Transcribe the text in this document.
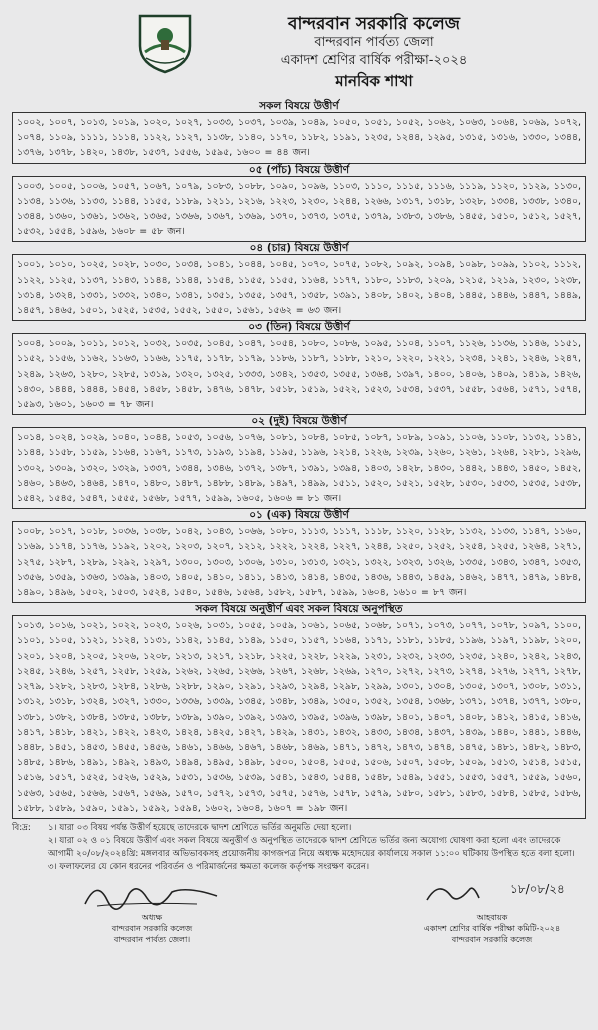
বান্দরবান সরকারি কলেজ
বান্দরবান পার্বত্য জেলা
একাদশ শ্রেণির বার্ষিক পরীক্ষা-২০২৪
মানবিক শাখা
সকল বিষয়ে উত্তীর্ণ
১০০২, ১০০৭, ১০১৩, ১০১৯, ১০২০, ১০২৭, ১০৩৩, ১০৩৭, ১০৩৯, ১০৪৯, ১০৫০, ১০৫১, ১০৫২, ১০৬২, ১০৬৩, ১০৬৪, ১০৬৯, ১০৭২, ১০৭৪, ১১০৯, ১১১১, ১১১৪, ১১২২, ১১২৭, ১১৩৮, ১১৪০, ১১৭০, ১১৮২, ১১৯১, ১২৩৫, ১২৪৪, ১২৯৫, ১৩১৫, ১৩১৬, ১৩৩০, ১৩৪৪, ১৩৭৬, ১৩৭৮, ১৪২০, ১৪৩৮, ১৫৩৭, ১৫৫৬, ১৫৯৫, ১৬০০ = ৪৪ জন।
০৫ (পাঁচ) বিষয়ে উত্তীর্ণ
১০০৩, ১০০৫, ১০০৬, ১০৫৭, ১০৬৭, ১০৭৯, ১০৮৩, ১০৮৮, ১০৯০, ১০৯৬, ১১০৩, ১১১০, ১১১৫, ১১১৬, ১১১৯, ১১২০, ১১২৯, ১১৩০, ১১৩৪, ১১৩৬, ১১৩৩, ১১৪৪, ১১৫৫, ১১৮৯, ১২১১, ১২১৬, ১২২৩, ১২৩০, ১২৪৪, ১২৬৬, ১৩১৭, ১৩১৮, ১৩২৮, ১৩৩৪, ১৩৩৮, ১৩৪০, ১৩৪৪, ১৩৬০, ১৩৬১, ১৩৬২, ১৩৬৫, ১৩৬৬, ১৩৬৭, ১৩৬৯, ১৩৭০, ১৩৭৩, ১৩৭৫, ১৩৭৯, ১৩৮৩, ১৩৮৬, ১৪৫৫, ১৫১০, ১৫১২, ১৫২৭, ১৫৩২, ১৫৫৪, ১৫৯৬, ১৬০৮ = ৫৮ জন।
০৪ (চার) বিষয়ে উত্তীর্ণ
১০০১, ১০১০, ১০২৫, ১০২৮, ১০৩০, ১০৩৪, ১০৪১, ১০৪৪, ১০৪৫, ১০৭০, ১০৭৫, ১০৮২, ১০৯২, ১০৯৪, ১০৯৮, ১০৯৯, ১১০২, ১১১২, ১১২২, ১১২৫, ১১৩৭, ১১৪৩, ১১৪৪, ১১৪৪, ১১৫৪, ১১৫৫, ১১৫৫, ১১৬৪, ১১৭৭, ১১৮০, ১১৮৩, ১২০৯, ১২১৫, ১২১৯, ১২৩০, ১২৩৮, ১৩১৪, ১৩২৪, ১৩৩১, ১৩৩২, ১৩৪০, ১৩৪১, ১৩৫১, ১৩৫৫, ১৩৫৭, ১৩৫৮, ১৩৯১, ১৪০৮, ১৪০২, ১৪০৪, ১৪৪৫, ১৪৪৬, ১৪৪৭, ১৪৪৯, ১৪৫৭, ১৪৬৫, ১৫০১, ১৫২৫, ১৫৩৫, ১৫৫২, ১৫৫০, ১৫৬১, ১৫৬২ = ৬৩ জন।
০৩ (তিন) বিষয়ে উত্তীর্ণ
১০০৪, ১০০৯, ১০১১, ১০১২, ১০৩২, ১০৩৫, ১০৪৫, ১০৪৭, ১০৫৪, ১০৮০, ১০৮৬, ১০৯৫, ১১০৪, ১১০৭, ১১২৬, ১১৩৬, ১১৪৬, ১১৫১, ১১৫২, ১১৫৬, ১১৬২, ১১৬৩, ১১৬৬, ১১৭৫, ১১৭৮, ১১৭৯, ১১৮৬, ১১৮৭, ১১৮৮, ১২১০, ১২২০, ১২২১, ১২৩৪, ১২৪১, ১২৪৬, ১২৪৭, ১২৪৯, ১২৬৩, ১২৮০, ১২৮৫, ১৩১৯, ১৩২০, ১৩২৫, ১৩৩৩, ১৩৪২, ১৩৫৩, ১৩৫৫, ১৩৬৪, ১৩৯৭, ১৪০০, ১৪০৬, ১৪০৯, ১৪১৯, ১৪২৬, ১৪৩০, ১৪৪৪, ১৪৪৪, ১৪৫৪, ১৪৫৮, ১৪৫৮, ১৪৭৬, ১৪৭৮, ১৫১৮, ১৫১৯, ১৫২২, ১৫২৩, ১৫৩৪, ১৫৩৭, ১৫৫৮, ১৫৬৪, ১৫৭১, ১৫৭৪, ১৫৯৩, ১৬০১, ১৬০৩ = ৭৮ জন।
০২ (দুই) বিষয়ে উত্তীর্ণ
১০১৪, ১০২৪, ১০২৯, ১০৪০, ১০৪৪, ১০৫৩, ১০৫৬, ১০৭৬, ১০৮১, ১০৮৪, ১০৮৫, ১০৮৭, ১০৮৯, ১০৯১, ১১০৬, ১১০৮, ১১৩২, ১১৪১, ১১৪৪, ১১৫৮, ১১৫৯, ১১৬৪, ১১৬৭, ১১৭৩, ১১৯৩, ১১৯৪, ১১৯৫, ১১৯৬, ১২১৪, ১২২৬, ১২৩৯, ১২৬০, ১২৬১, ১২৬৪, ১২৮১, ১২৯৬, ১৩০২, ১৩০৯, ১৩২০, ১৩২৯, ১৩৩৭, ১৩৪৪, ১৩৪৬, ১৩৭২, ১৩৮৭, ১৩৯১, ১৩৯৪, ১৪০৩, ১৪২৮, ১৪৩০, ১৪৪২, ১৪৪৩, ১৪৫০, ১৪৫২, ১৪৬০, ১৪৬৩, ১৪৬৪, ১৪৭০, ১৪৮০, ১৪৮৭, ১৪৮৮, ১৪৮৯, ১৪৯৭, ১৪৯৯, ১৫১১, ১৫২০, ১৫২১, ১৫২৮, ১৫৩০, ১৫৩৩, ১৫৩৫, ১৫৩৮, ১৫৪২, ১৫৪৫, ১৫৪৭, ১৫৫৫, ১৫৬৮, ১৫৭৭, ১৫৯৯, ১৬০৫, ১৬০৬ = ৮১ জন।
০১ (এক) বিষয়ে উত্তীর্ণ
১০০৮, ১০১৭, ১০১৮, ১০৩৬, ১০৩৮, ১০৪২, ১০৪৩, ১০৬৬, ১০৮০, ১১১৩, ১১১৭, ১১১৮, ১১২০, ১১২৮, ১১৩২, ১১৩৩, ১১৪৭, ১১৬০, ১১৬৯, ১১৭৪, ১১৭৬, ১১৯২, ১২০২, ১২০৩, ১২০৭, ১২১২, ১২২২, ১২২৪, ১২২৭, ১২৪৪, ১২৫০, ১২৫২, ১২৫৪, ১২৫৫, ১২৬৪, ১২৭১, ১২৭৫, ১২৮৭, ১২৮৯, ১২৯২, ১২৯৭, ১৩০০, ১৩০৩, ১৩০৬, ১৩১০, ১৩১৩, ১৩২১, ১৩২২, ১৩২৩, ১৩২৬, ১৩৩৫, ১৩৪৩, ১৩৪৭, ১৩৫৩, ১৩৫৬, ১৩৫৯, ১৩৬৩, ১৩৯৯, ১৪০৩, ১৪০৫, ১৪১০, ১৪১১, ১৪১৩, ১৪১৪, ১৪৩৫, ১৪৩৬, ১৪৪৩, ১৪৫৯, ১৪৬২, ১৪৭৭, ১৪৭৯, ১৪৮৪, ১৪৯০, ১৪৯৬, ১৫০২, ১৫০৩, ১৫২৪, ১৫৪০, ১৫৪৬, ১৫৬৪, ১৫৮২, ১৫৮৭, ১৫৯৯, ১৬০৪, ১৬১০ = ৮৭ জন।
সকল বিষয়ে অনুত্তীর্ণ এবং সকল বিষয়ে অনুপস্থিত
১০১৩, ১০১৬, ১০২১, ১০২২, ১০২৩, ১০২৬, ১০৩১, ১০৫৫, ১০৫৯, ১০৬১, ১০৬৫, ১০৬৮, ১০৭১, ১০৭৩, ১০৭৭, ১০৭৮, ১০৯৭, ১১০০, ১১০১, ১১০৫, ১১২১, ১১২৪, ১১৩১, ১১৪২, ১১৪৫, ১১৪৯, ১১৫০, ১১৫৭, ১১৬৪, ১১৭১, ১১৮১, ১১৮৫, ১১৯৬, ১১৯৭, ১১৯৮, ১২০০, ১২০১, ১২০৪, ১২০৫, ১২০৬, ১২০৮, ১২১৩, ১২১৭, ১২১৮, ১২২৫, ১২২৮, ১২২৯, ১২৩১, ১২৩২, ১২৩৩, ১২৩৫, ১২৪০, ১২৪২, ১২৪৩, ১২৪৫, ১২৪৬, ১২৫৭, ১২৫৮, ১২৫৯, ১২৬২, ১২৬৫, ১২৬৬, ১২৬৭, ১২৬৮, ১২৬৯, ১২৭০, ১২৭২, ১২৭৩, ১২৭৪, ১২৭৬, ১২৭৭, ১২৭৮, ১২৭৯, ১২৮২, ১২৮৩, ১২৮৪, ১২৮৬, ১২৮৮, ১২৯০, ১২৯১, ১২৯৩, ১২৯৪, ১২৯৮, ১২৯৯, ১৩০১, ১৩০৪, ১৩০৫, ১৩০৭, ১৩০৮, ১৩১১, ১৩১২, ১৩১৮, ১৩২৪, ১৩২৭, ১৩৩০, ১৩৩৬, ১৩৩৯, ১৩৪৫, ১৩৪৮, ১৩৪৯, ১৩৫০, ১৩৫২, ১৩৫৪, ১৩৬৮, ১৩৭১, ১৩৭৪, ১৩৭৭, ১৩৮০, ১৩৮১, ১৩৮২, ১৩৮৪, ১৩৮৫, ১৩৮৮, ১৩৮৯, ১৩৯০, ১৩৯২, ১৩৯৩, ১৩৯৫, ১৩৯৬, ১৩৯৮, ১৪০১, ১৪০৭, ১৪০৮, ১৪১২, ১৪১৫, ১৪১৬, ১৪১৭, ১৪১৮, ১৪২১, ১৪২২, ১৪২৩, ১৪২৪, ১৪২৫, ১৪২৭, ১৪২৯, ১৪৩১, ১৪৩২, ১৪৩৩, ১৪৩৪, ১৪৩৭, ১৪৩৯, ১৪৪০, ১৪৪১, ১৪৪৬, ১৪৪৮, ১৪৫১, ১৪৫৩, ১৪৫৫, ১৪৫৬, ১৪৬১, ১৪৬৬, ১৪৬৭, ১৪৬৮, ১৪৬৯, ১৪৭১, ১৪৭২, ১৪৭৩, ১৪৭৪, ১৪৭৫, ১৪৮১, ১৪৮২, ১৪৮৩, ১৪৮৫, ১৪৮৬, ১৪৯১, ১৪৯২, ১৪৯৩, ১৪৯৪, ১৪৯৫, ১৪৯৮, ১৫০০, ১৫০৪, ১৫০৫, ১৫০৬, ১৫০৭, ১৫০৮, ১৫০৯, ১৫১৩, ১৫১৪, ১৫১৫, ১৫১৬, ১৫১৭, ১৫২৫, ১৫২৬, ১৫২৯, ১৫৩১, ১৫৩৬, ১৫৩৯, ১৫৪১, ১৫৪৩, ১৫৪৪, ১৫৪৮, ১৫৪৯, ১৫৫১, ১৫৫৩, ১৫৫৭, ১৫৫৯, ১৫৬০, ১৫৬৩, ১৫৬৫, ১৫৬৬, ১৫৬৭, ১৫৬৯, ১৫৭০, ১৫৭২, ১৫৭৩, ১৫৭৫, ১৫৭৬, ১৫৭৮, ১৫৭৯, ১৫৮০, ১৫৮১, ১৫৮৩, ১৫৮৪, ১৫৮৫, ১৫৮৬, ১৫৮৮, ১৫৮৯, ১৫৯০, ১৫৯১, ১৫৯২, ১৫৯৪, ১৬০২, ১৬০৪, ১৬০৭ = ১৯৮ জন।
বি:দ্র:	১। যারা ০৩ বিষয় পর্যন্ত উত্তীর্ণ হয়েছে তাদেরকে দ্বাদশ শ্রেণিতে ভর্তির অনুমতি দেয়া হলো।
২। যারা ০২ ও ০১ বিষয়ে উত্তীর্ণ এবং সকল বিষয়ে অনুত্তীর্ণ ও অনুপস্থিত তাদেরকে দ্বাদশ শ্রেণিতে ভর্তির জন্য অযোগ্য ঘোষণা করা হলো এবং তাদেরকে আগামী ২০/০৮/২০২৪খ্রি: মঙ্গলবার অভিভাবকসহ প্রয়োজনীয় কাগজপত্র নিয়ে অধ্যক্ষ মহোদয়ের কার্যালয়ে সকাল ১১:০০ ঘটিকায় উপস্থিত হতে বলা হলো।
৩। ফলাফলের যে কোন ধরনের পরিবর্তন ও পরিমার্জনের ক্ষমতা কলেজ কর্তৃপক্ষ সংরক্ষণ করেন।
অধ্যক্ষ
বান্দরবান সরকারি কলেজ
বান্দরবান পার্বত্য জেলা।
১৮/০৮/২৪
আহবায়ক
একাদশ শ্রেণির বার্ষিক পরীক্ষা কমিটি-২০২৪
বান্দরবান সরকারি কলেজ
